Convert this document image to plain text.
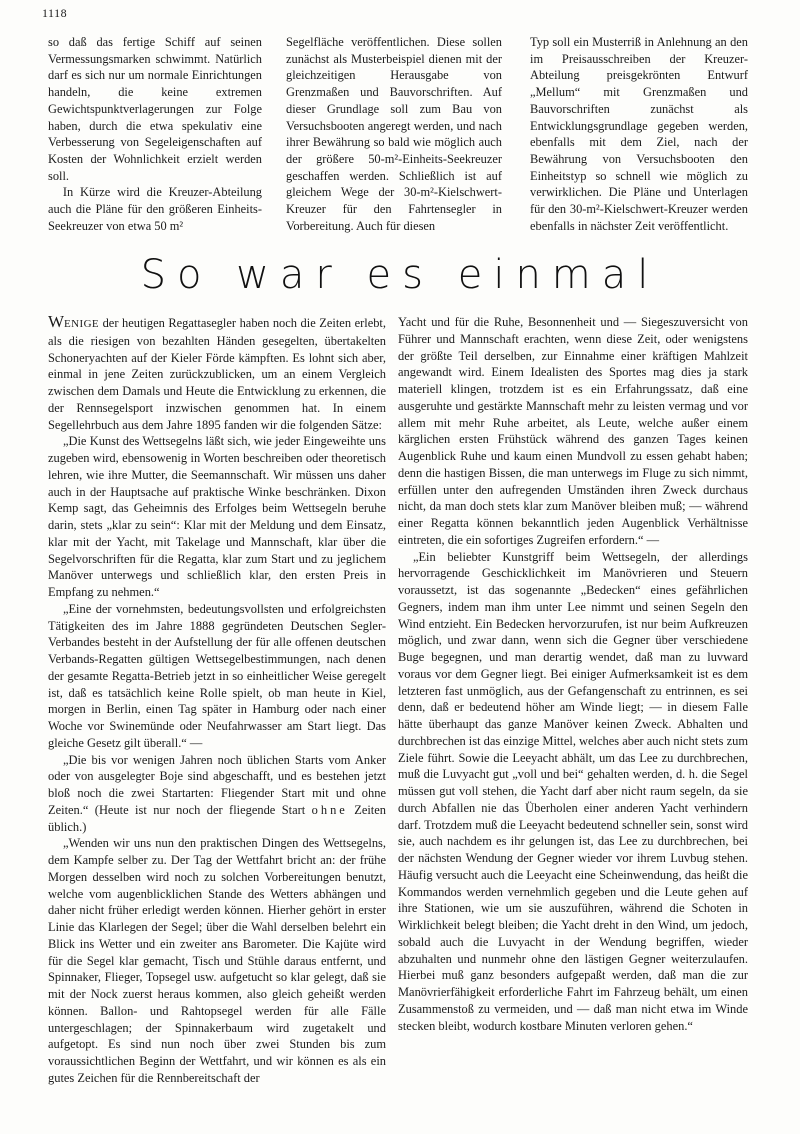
1118

so daß das fertige Schiff auf seinen Vermessungsmarken schwimmt. Natürlich darf es sich nur um normale Einrichtungen handeln, die keine extremen Gewichtspunktverlagerungen zur Folge haben, durch die etwa spekulativ eine Verbesserung von Segeleigenschaften auf Kosten der Wohnlichkeit erzielt werden soll.

In Kürze wird die Kreuzer-Abteilung auch die Pläne für den größeren Einheits-Seekreuzer von etwa 50 m²

Segelfläche veröffentlichen. Diese sollen zunächst als Musterbeispiel dienen mit der gleichzeitigen Herausgabe von Grenzmaßen und Bauvorschriften. Auf dieser Grundlage soll zum Bau von Versuchsbooten angeregt werden, und nach ihrer Bewährung so bald wie möglich auch der größere 50-m²-Einheits-Seekreuzer geschaffen werden. Schließlich ist auf gleichem Wege der 30-m²-Kielschwert-Kreuzer für den Fahrtensegler in Vorbereitung. Auch für diesen

Typ soll ein Musterriß in Anlehnung an den im Preisausschreiben der Kreuzer-Abteilung preisgekrönten Entwurf „Mellum“ mit Grenzmaßen und Bauvorschriften zunächst als Entwicklungsgrundlage gegeben werden, ebenfalls mit dem Ziel, nach der Bewährung von Versuchsbooten den Einheitstyp so schnell wie möglich zu verwirklichen. Die Pläne und Unterlagen für den 30-m²-Kielschwert-Kreuzer werden ebenfalls in nächster Zeit veröffentlicht.

So war es einmal

WENIGE der heutigen Regattasegler haben noch die Zeiten erlebt, als die riesigen von bezahlten Händen gesegelten, übertakelten Schoneryachten auf der Kieler Förde kämpften. Es lohnt sich aber, einmal in jene Zeiten zurückzublicken, um an einem Vergleich zwischen dem Damals und Heute die Entwicklung zu erkennen, die der Rennsegelsport inzwischen genommen hat. In einem Segellehrbuch aus dem Jahre 1895 fanden wir die folgenden Sätze:

„Die Kunst des Wettsegelns läßt sich, wie jeder Eingeweihte uns zugeben wird, ebensowenig in Worten beschreiben oder theoretisch lehren, wie ihre Mutter, die Seemannschaft. Wir müssen uns daher auch in der Hauptsache auf praktische Winke beschränken. Dixon Kemp sagt, das Geheimnis des Erfolges beim Wettsegeln beruhe darin, stets „klar zu sein“: Klar mit der Meldung und dem Einsatz, klar mit der Yacht, mit Takelage und Mannschaft, klar über die Segelvorschriften für die Regatta, klar zum Start und zu jeglichem Manöver unterwegs und schließlich klar, den ersten Preis in Empfang zu nehmen.“

„Eine der vornehmsten, bedeutungsvollsten und erfolgreichsten Tätigkeiten des im Jahre 1888 gegründeten Deutschen Segler-Verbandes besteht in der Aufstellung der für alle offenen deutschen Verbands-Regatten gültigen Wettsegelbestimmungen, nach denen der gesamte Regatta-Betrieb jetzt in so einheitlicher Weise geregelt ist, daß es tatsächlich keine Rolle spielt, ob man heute in Kiel, morgen in Berlin, einen Tag später in Hamburg oder nach einer Woche vor Swinemünde oder Neufahrwasser am Start liegt. Das gleiche Gesetz gilt überall.“ —

„Die bis vor wenigen Jahren noch üblichen Starts vom Anker oder von ausgelegter Boje sind abgeschafft, und es bestehen jetzt bloß noch die zwei Startarten: Fliegender Start mit und ohne Zeiten.“ (Heute ist nur noch der fliegende Start ohne Zeiten üblich.)

„Wenden wir uns nun den praktischen Dingen des Wettsegelns, dem Kampfe selber zu. Der Tag der Wettfahrt bricht an: der frühe Morgen desselben wird noch zu solchen Vorbereitungen benutzt, welche vom augenblicklichen Stande des Wetters abhängen und daher nicht früher erledigt werden können. Hierher gehört in erster Linie das Klarlegen der Segel; über die Wahl derselben belehrt ein Blick ins Wetter und ein zweiter ans Barometer. Die Kajüte wird für die Segel klar gemacht, Tisch und Stühle daraus entfernt, und Spinnaker, Flieger, Topsegel usw. aufgetucht so klar gelegt, daß sie mit der Nock zuerst heraus kommen, also gleich geheißt werden können. Ballon- und Rahtopsegel werden für alle Fälle untergeschlagen; der Spinnakerbaum wird zugetakelt und aufgetopt. Es sind nun noch über zwei Stunden bis zum voraussichtlichen Beginn der Wettfahrt, und wir können es als ein gutes Zeichen für die Rennbereitschaft der

Yacht und für die Ruhe, Besonnenheit und — Siegeszuversicht von Führer und Mannschaft erachten, wenn diese Zeit, oder wenigstens der größte Teil derselben, zur Einnahme einer kräftigen Mahlzeit angewandt wird. Einem Idealisten des Sportes mag dies ja stark materiell klingen, trotzdem ist es ein Erfahrungssatz, daß eine ausgeruhte und gestärkte Mannschaft mehr zu leisten vermag und vor allem mit mehr Ruhe arbeitet, als Leute, welche außer einem kärglichen ersten Frühstück während des ganzen Tages keinen Augenblick Ruhe und kaum einen Mundvoll zu essen gehabt haben; denn die hastigen Bissen, die man unterwegs im Fluge zu sich nimmt, erfüllen unter den aufregenden Umständen ihren Zweck durchaus nicht, da man doch stets klar zum Manöver bleiben muß; — während einer Regatta können bekanntlich jeden Augenblick Verhältnisse eintreten, die ein sofortiges Zugreifen erfordern.“ —

„Ein beliebter Kunstgriff beim Wettsegeln, der allerdings hervorragende Geschicklichkeit im Manövrieren und Steuern voraussetzt, ist das sogenannte „Bedecken“ eines gefährlichen Gegners, indem man ihm unter Lee nimmt und seinen Segeln den Wind entzieht. Ein Bedecken hervorzurufen, ist nur beim Aufkreuzen möglich, und zwar dann, wenn sich die Gegner über verschiedene Buge begegnen, und man derartig wendet, daß man zu luvward voraus vor dem Gegner liegt. Bei einiger Aufmerksamkeit ist es dem letzteren fast unmöglich, aus der Gefangenschaft zu entrinnen, es sei denn, daß er bedeutend höher am Winde liegt; — in diesem Falle hätte überhaupt das ganze Manöver keinen Zweck. Abhalten und durchbrechen ist das einzige Mittel, welches aber auch nicht stets zum Ziele führt. Sowie die Leeyacht abhält, um das Lee zu durchbrechen, muß die Luvyacht gut „voll und bei“ gehalten werden, d. h. die Segel müssen gut voll stehen, die Yacht darf aber nicht raum segeln, da sie durch Abfallen nie das Überholen einer anderen Yacht verhindern darf. Trotzdem muß die Leeyacht bedeutend schneller sein, sonst wird sie, auch nachdem es ihr gelungen ist, das Lee zu durchbrechen, bei der nächsten Wendung der Gegner wieder vor ihrem Luvbug stehen. Häufig versucht auch die Leeyacht eine Scheinwendung, das heißt die Kommandos werden vernehmlich gegeben und die Leute gehen auf ihre Stationen, wie um sie auszuführen, während die Schoten in Wirklichkeit belegt bleiben; die Yacht dreht in den Wind, um jedoch, sobald auch die Luvyacht in der Wendung begriffen, wieder abzuhalten und nunmehr ohne den lästigen Gegner weiterzulaufen. Hierbei muß ganz besonders aufgepaßt werden, daß man die zur Manövrierfähigkeit erforderliche Fahrt im Fahrzeug behält, um einen Zusammenstoß zu vermeiden, und — daß man nicht etwa im Winde stecken bleibt, wodurch kostbare Minuten verloren gehen.“
